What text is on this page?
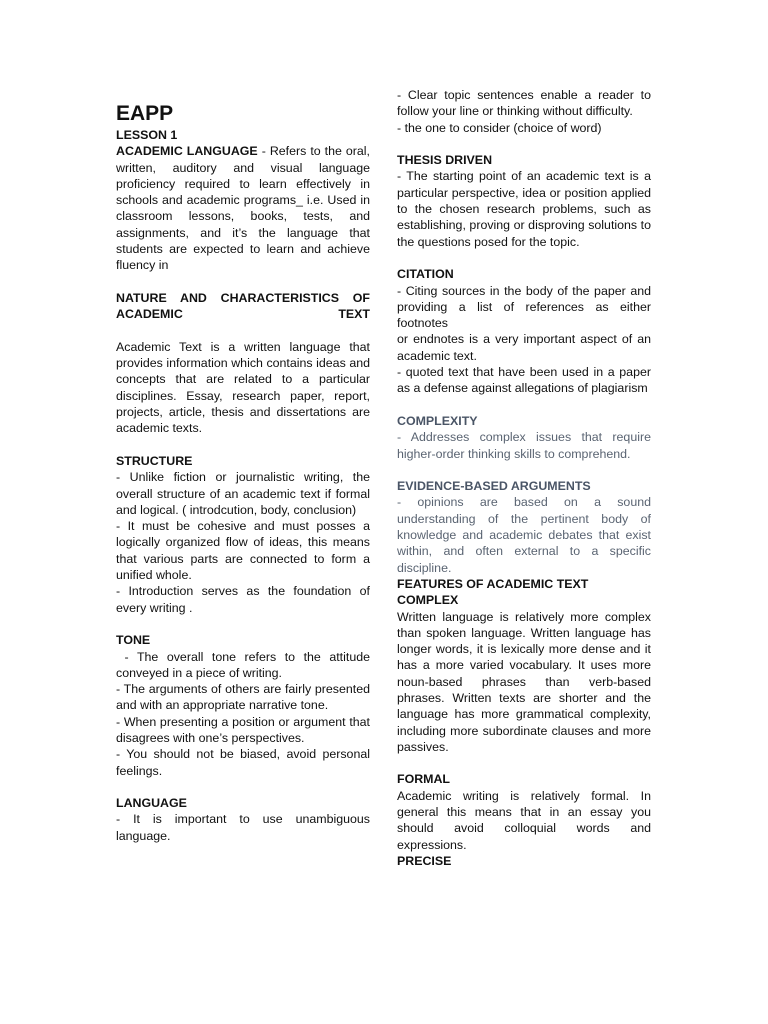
EAPP

LESSON 1

ACADEMIC LANGUAGE - Refers to the oral, written, auditory and visual language proficiency required to learn effectively in schools and academic programs_ i.e. Used in classroom lessons, books, tests, and assignments, and it’s the language that students are expected to learn and achieve fluency in

NATURE AND CHARACTERISTICS OF ACADEMIC TEXT

Academic Text is a written language that provides information which contains ideas and concepts that are related to a particular disciplines. Essay, research paper, report, projects, article, thesis and dissertations are academic texts.

STRUCTURE

- Unlike fiction or journalistic writing, the overall structure of an academic text if formal and logical. ( introdcution, body, conclusion)

- It must be cohesive and must posses a logically organized flow of ideas, this means that various parts are connected to form a unified whole.

- Introduction serves as the foundation of every writing .

TONE

- The overall tone refers to the attitude conveyed in a piece of writing.

- The arguments of others are fairly presented and with an appropriate narrative tone.

- When presenting a position or argument that disagrees with one’s perspectives.

- You should not be biased, avoid personal feelings.

LANGUAGE

- It is important to use unambiguous language.

- Clear topic sentences enable a reader to follow your line or thinking without difficulty.

- the one to consider (choice of word)

THESIS DRIVEN

- The starting point of an academic text is a particular perspective, idea or position applied to the chosen research problems, such as establishing, proving or disproving solutions to the questions posed for the topic.

CITATION

- Citing sources in the body of the paper and providing a list of references as either footnotes

or endnotes is a very important aspect of an academic text.

- quoted text that have been used in a paper as a defense against allegations of plagiarism

COMPLEXITY

- Addresses complex issues that require higher-order thinking skills to comprehend.

EVIDENCE-BASED ARGUMENTS

- opinions are based on a sound understanding of the pertinent body of knowledge and academic debates that exist within, and often external to a specific discipline.

FEATURES OF ACADEMIC TEXT

COMPLEX

Written language is relatively more complex than spoken language. Written language has longer words, it is lexically more dense and it has a more varied vocabulary. It uses more noun-based phrases than verb-based phrases. Written texts are shorter and the language has more grammatical complexity, including more subordinate clauses and more passives.

FORMAL

Academic writing is relatively formal. In general this means that in an essay you should avoid colloquial words and expressions.

PRECISE
